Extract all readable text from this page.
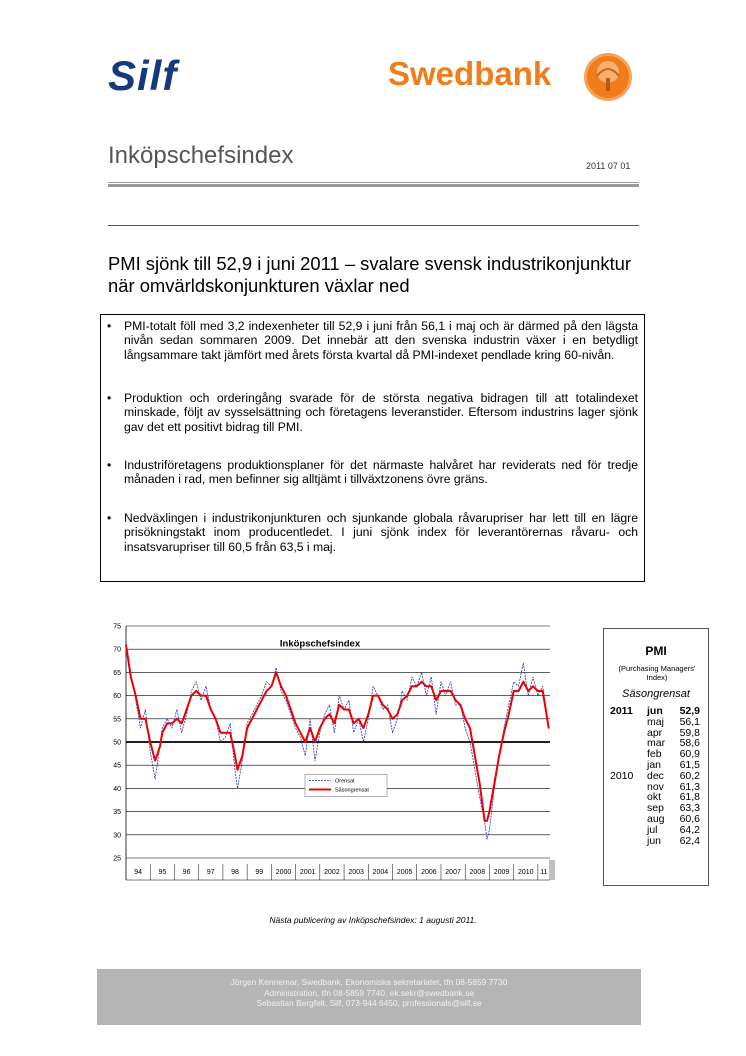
Silf	Swedbank
Inköpschefsindex	2011 07 01
PMI sjönk till 52,9 i juni 2011 – svalare svensk industrikonjunktur när omvärldskonjunkturen växlar ned
• PMI-totalt föll med 3,2 indexenheter till 52,9 i juni från 56,1 i maj och är därmed på den lägsta nivån sedan sommaren 2009. Det innebär att den svenska industrin växer i en betydligt långsammare takt jämfört med årets första kvartal då PMI-indexet pendlade kring 60-nivån.
• Produktion och orderingång svarade för de största negativa bidragen till att totalindexet minskade, följt av sysselsättning och företagens leveranstider. Eftersom industrins lager sjönk gav det ett positivt bidrag till PMI.
• Industriföretagens produktionsplaner för det närmaste halvåret har reviderats ned för tredje månaden i rad, men befinner sig alltjämt i tillväxtzonens övre gräns.
• Nedväxlingen i industrikonjunkturen och sjunkande globala råvarupriser har lett till en lägre prisökningstakt inom producentledet. I juni sjönk index för leverantörernas råvaru- och insatsvarupriser till 60,5 från 63,5 i maj.
25
30
35
40
45
50
55
60
65
70
75
94 95 96 97 98 99 2000 2001 2002 2003 2004 2005 2006 2007 2008 2009 2010 11
Inköpschefsindex
Orensat
Säsongrensat
PMI
(Purchasing Managers' Index)
Säsongrensat
2011 jun 52,9
maj 56,1
apr 59,8
mar 58,6
feb 60,9
jan 61,5
2010 dec 60,2
nov 61,3
okt 61,8
sep 63,3
aug 60,6
jul 64,2
jun 62,4
Nästa publicering av Inköpschefsindex: 1 augusti 2011.
Jörgen Kennemar, Swedbank, Ekonomiska sekretariatet, tfn 08-5859 7730
Administration, tfn 08-5859 7740, ek.sekr@swedbank.se
Sebastian Bergfelt, Silf, 073-944 6450, professionals@silf.se
